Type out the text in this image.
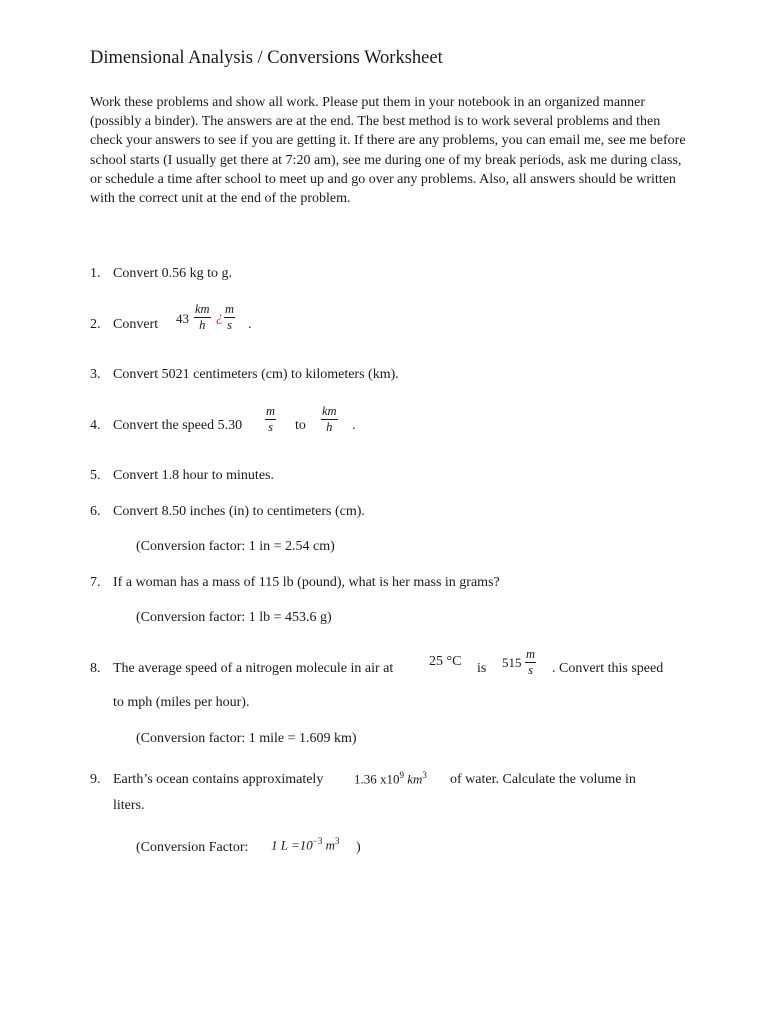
Dimensional Analysis / Conversions Worksheet

Work these problems and show all work. Please put them in your notebook in an organized manner (possibly a binder). The answers are at the end. The best method is to work several problems and then check your answers to see if you are getting it. If there are any problems, you can email me, see me before school starts (I usually get there at 7:20 am), see me during one of my break periods, ask me during class, or schedule a time after school to meet up and go over any problems. Also, all answers should be written with the correct unit at the end of the problem.

1. Convert 0.56 kg to g.
2. Convert $43 \frac{km}{h}$ ¿ $\frac{m}{s}$ .
3. Convert 5021 centimeters (cm) to kilometers (km).
4. Convert the speed $5.30 \frac{m}{s}$ to $\frac{km}{h}$ .
5. Convert 1.8 hour to minutes.
6. Convert 8.50 inches (in) to centimeters (cm).
(Conversion factor: 1 in = 2.54 cm)
7. If a woman has a mass of 115 lb (pound), what is her mass in grams?
(Conversion factor: 1 lb = 453.6 g)
8. The average speed of a nitrogen molecule in air at	25 °C is $515 \frac{m}{s}$ . Convert this speed
to mph (miles per hour).
(Conversion factor: 1 mile = 1.609 km)
9. Earth’s ocean contains approximately 1.36 $x10^9$ $km^3$ of water. Calculate the volume in
liters.
(Conversion Factor: 1 $L =10^{-3}$ $m^3$ )
